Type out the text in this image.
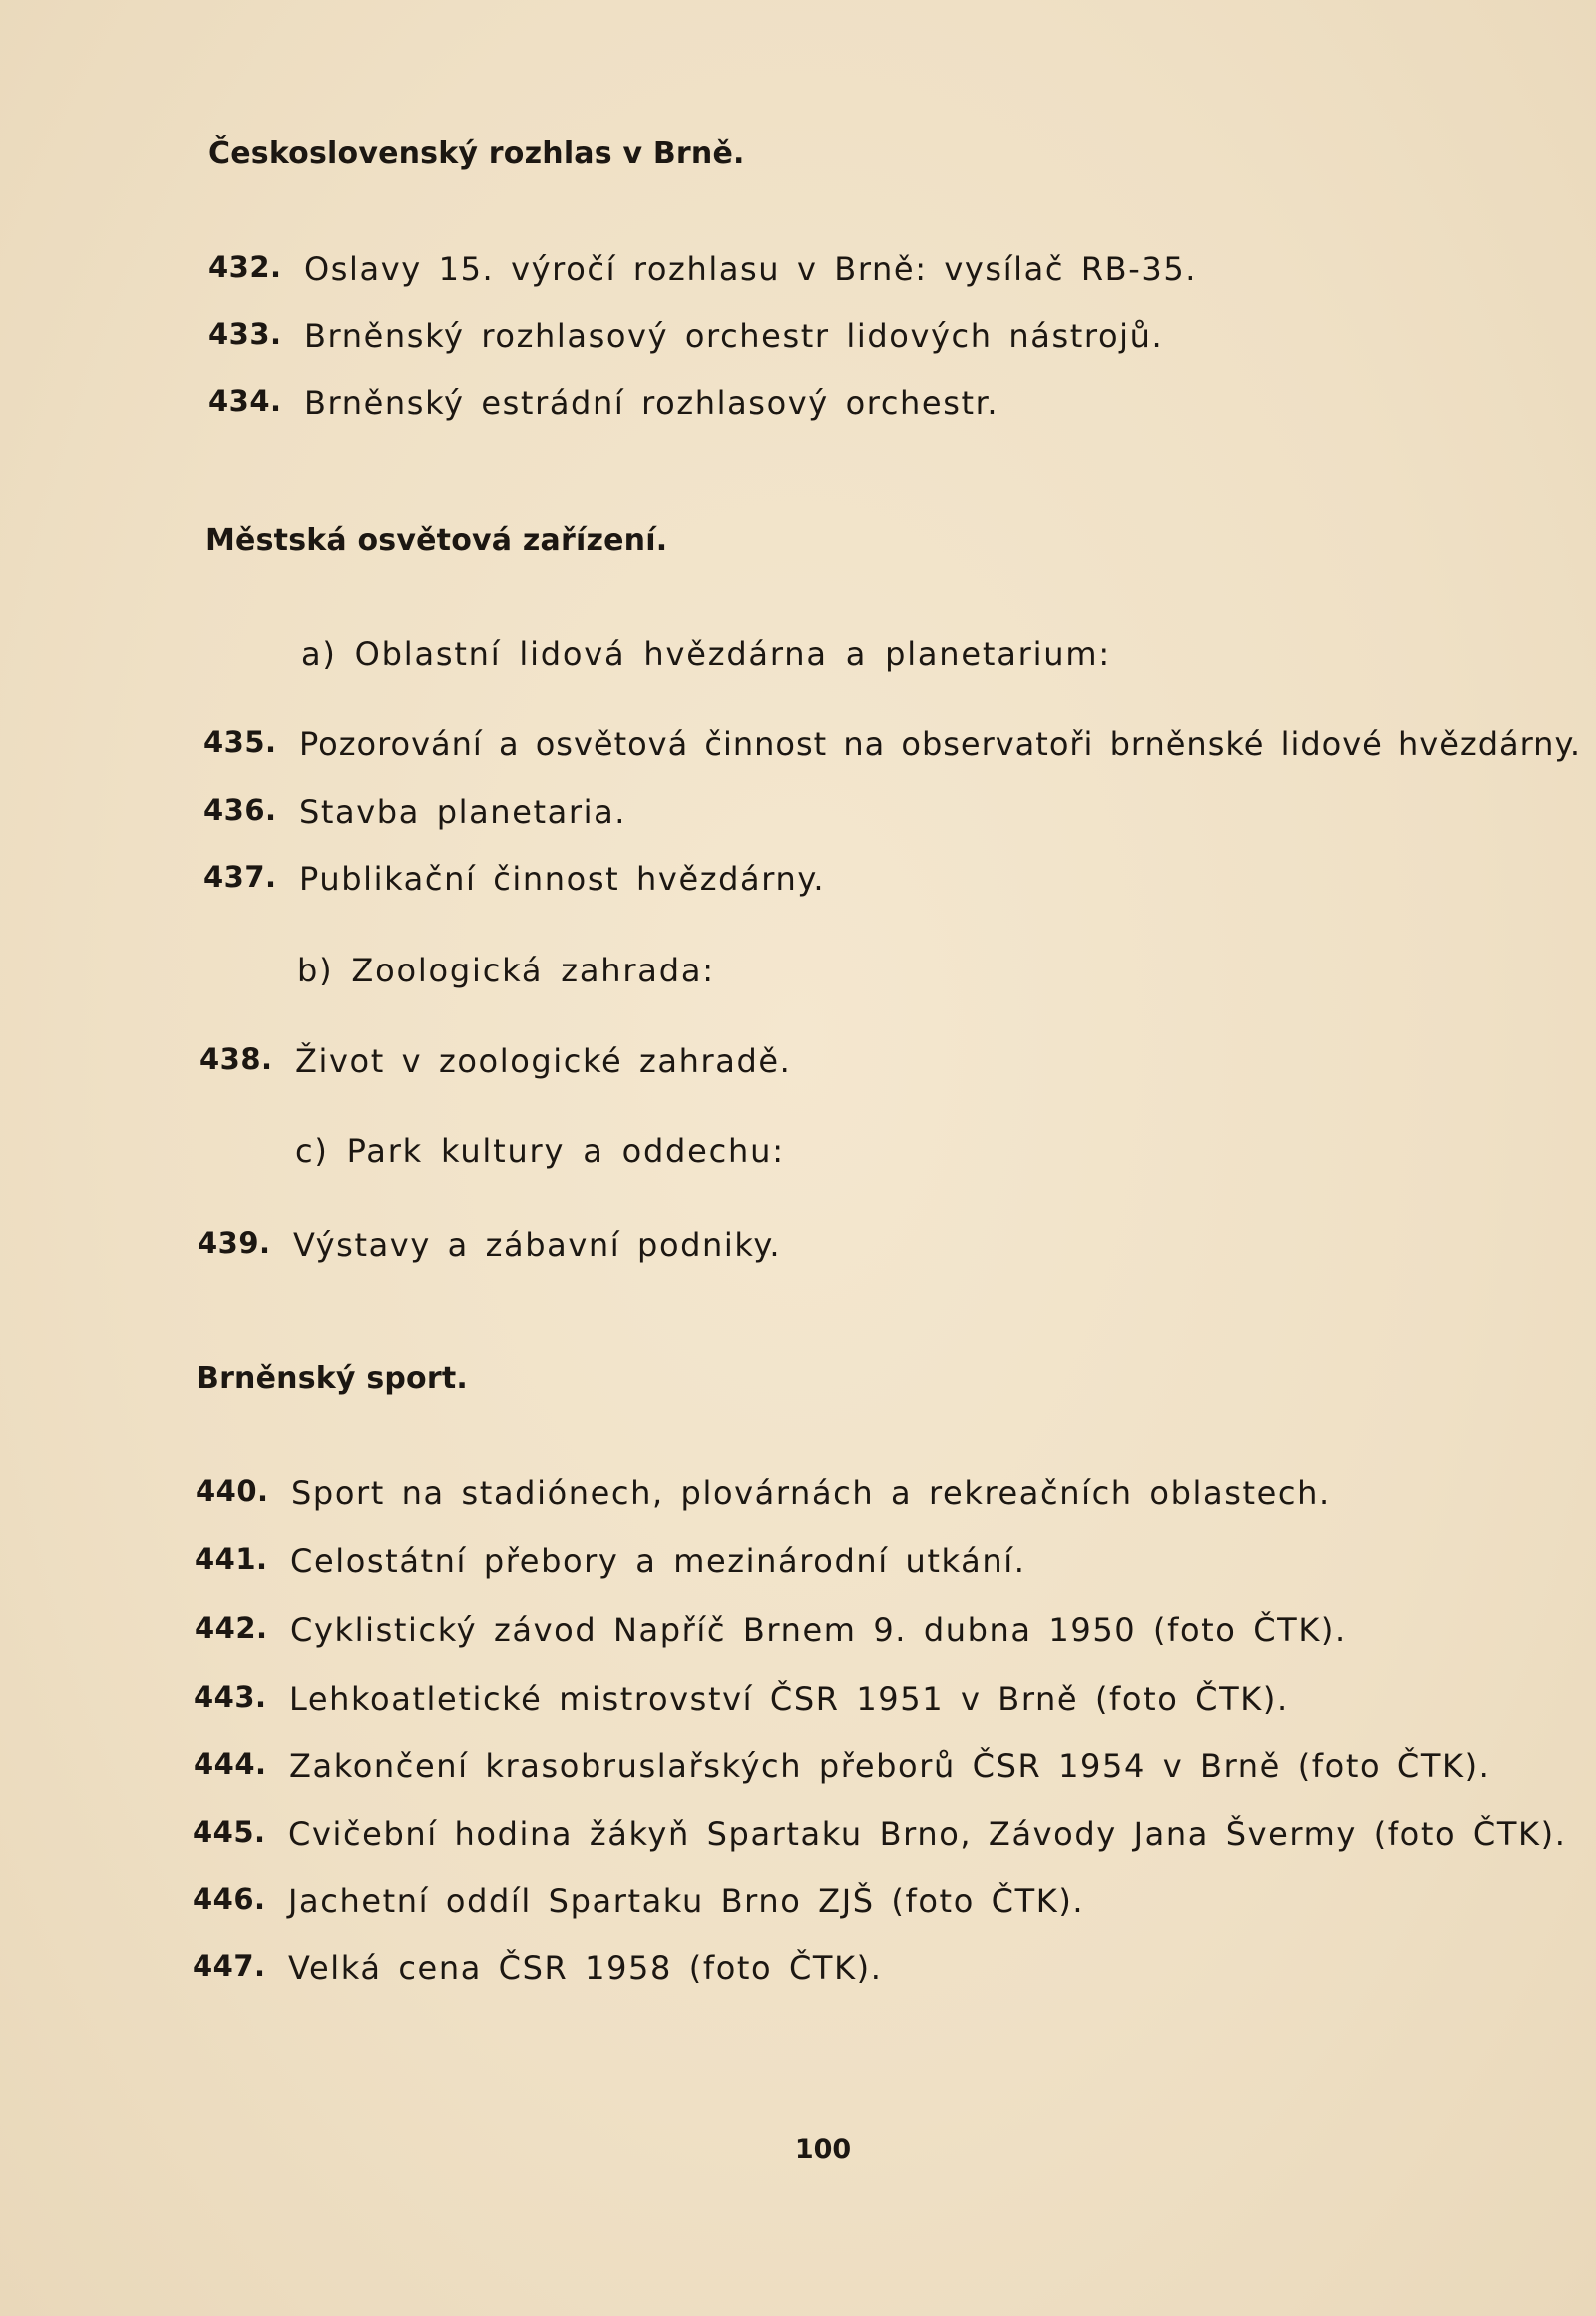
Československý rozhlas v Brně.
432. Oslavy 15. výročí rozhlasu v Brně: vysílač RB-35.
433. Brněnský rozhlasový orchestr lidových nástrojů.
434. Brněnský estrádní rozhlasový orchestr.
Městská osvětová zařízení.
a) Oblastní lidová hvězdárna a planetarium:
435. Pozorování a osvětová činnost na observatoři brněnské lidové hvězdárny.
436. Stavba planetaria.
437. Publikační činnost hvězdárny.
b) Zoologická zahrada:
438. Život v zoologické zahradě.
c) Park kultury a oddechu:
439. Výstavy a zábavní podniky.
Brněnský sport.
440. Sport na stadiónech, plovárnách a rekreačních oblastech.
441. Celostátní přebory a mezinárodní utkání.
442. Cyklistický závod Napříč Brnem 9. dubna 1950 (foto ČTK).
443. Lehkoatletické mistrovství ČSR 1951 v Brně (foto ČTK).
444. Zakončení krasobruslařských přeborů ČSR 1954 v Brně (foto ČTK).
445. Cvičební hodina žákyň Spartaku Brno, Závody Jana Švermy (foto ČTK).
446. Jachetní oddíl Spartaku Brno ZJŠ (foto ČTK).
447. Velká cena ČSR 1958 (foto ČTK).
100
